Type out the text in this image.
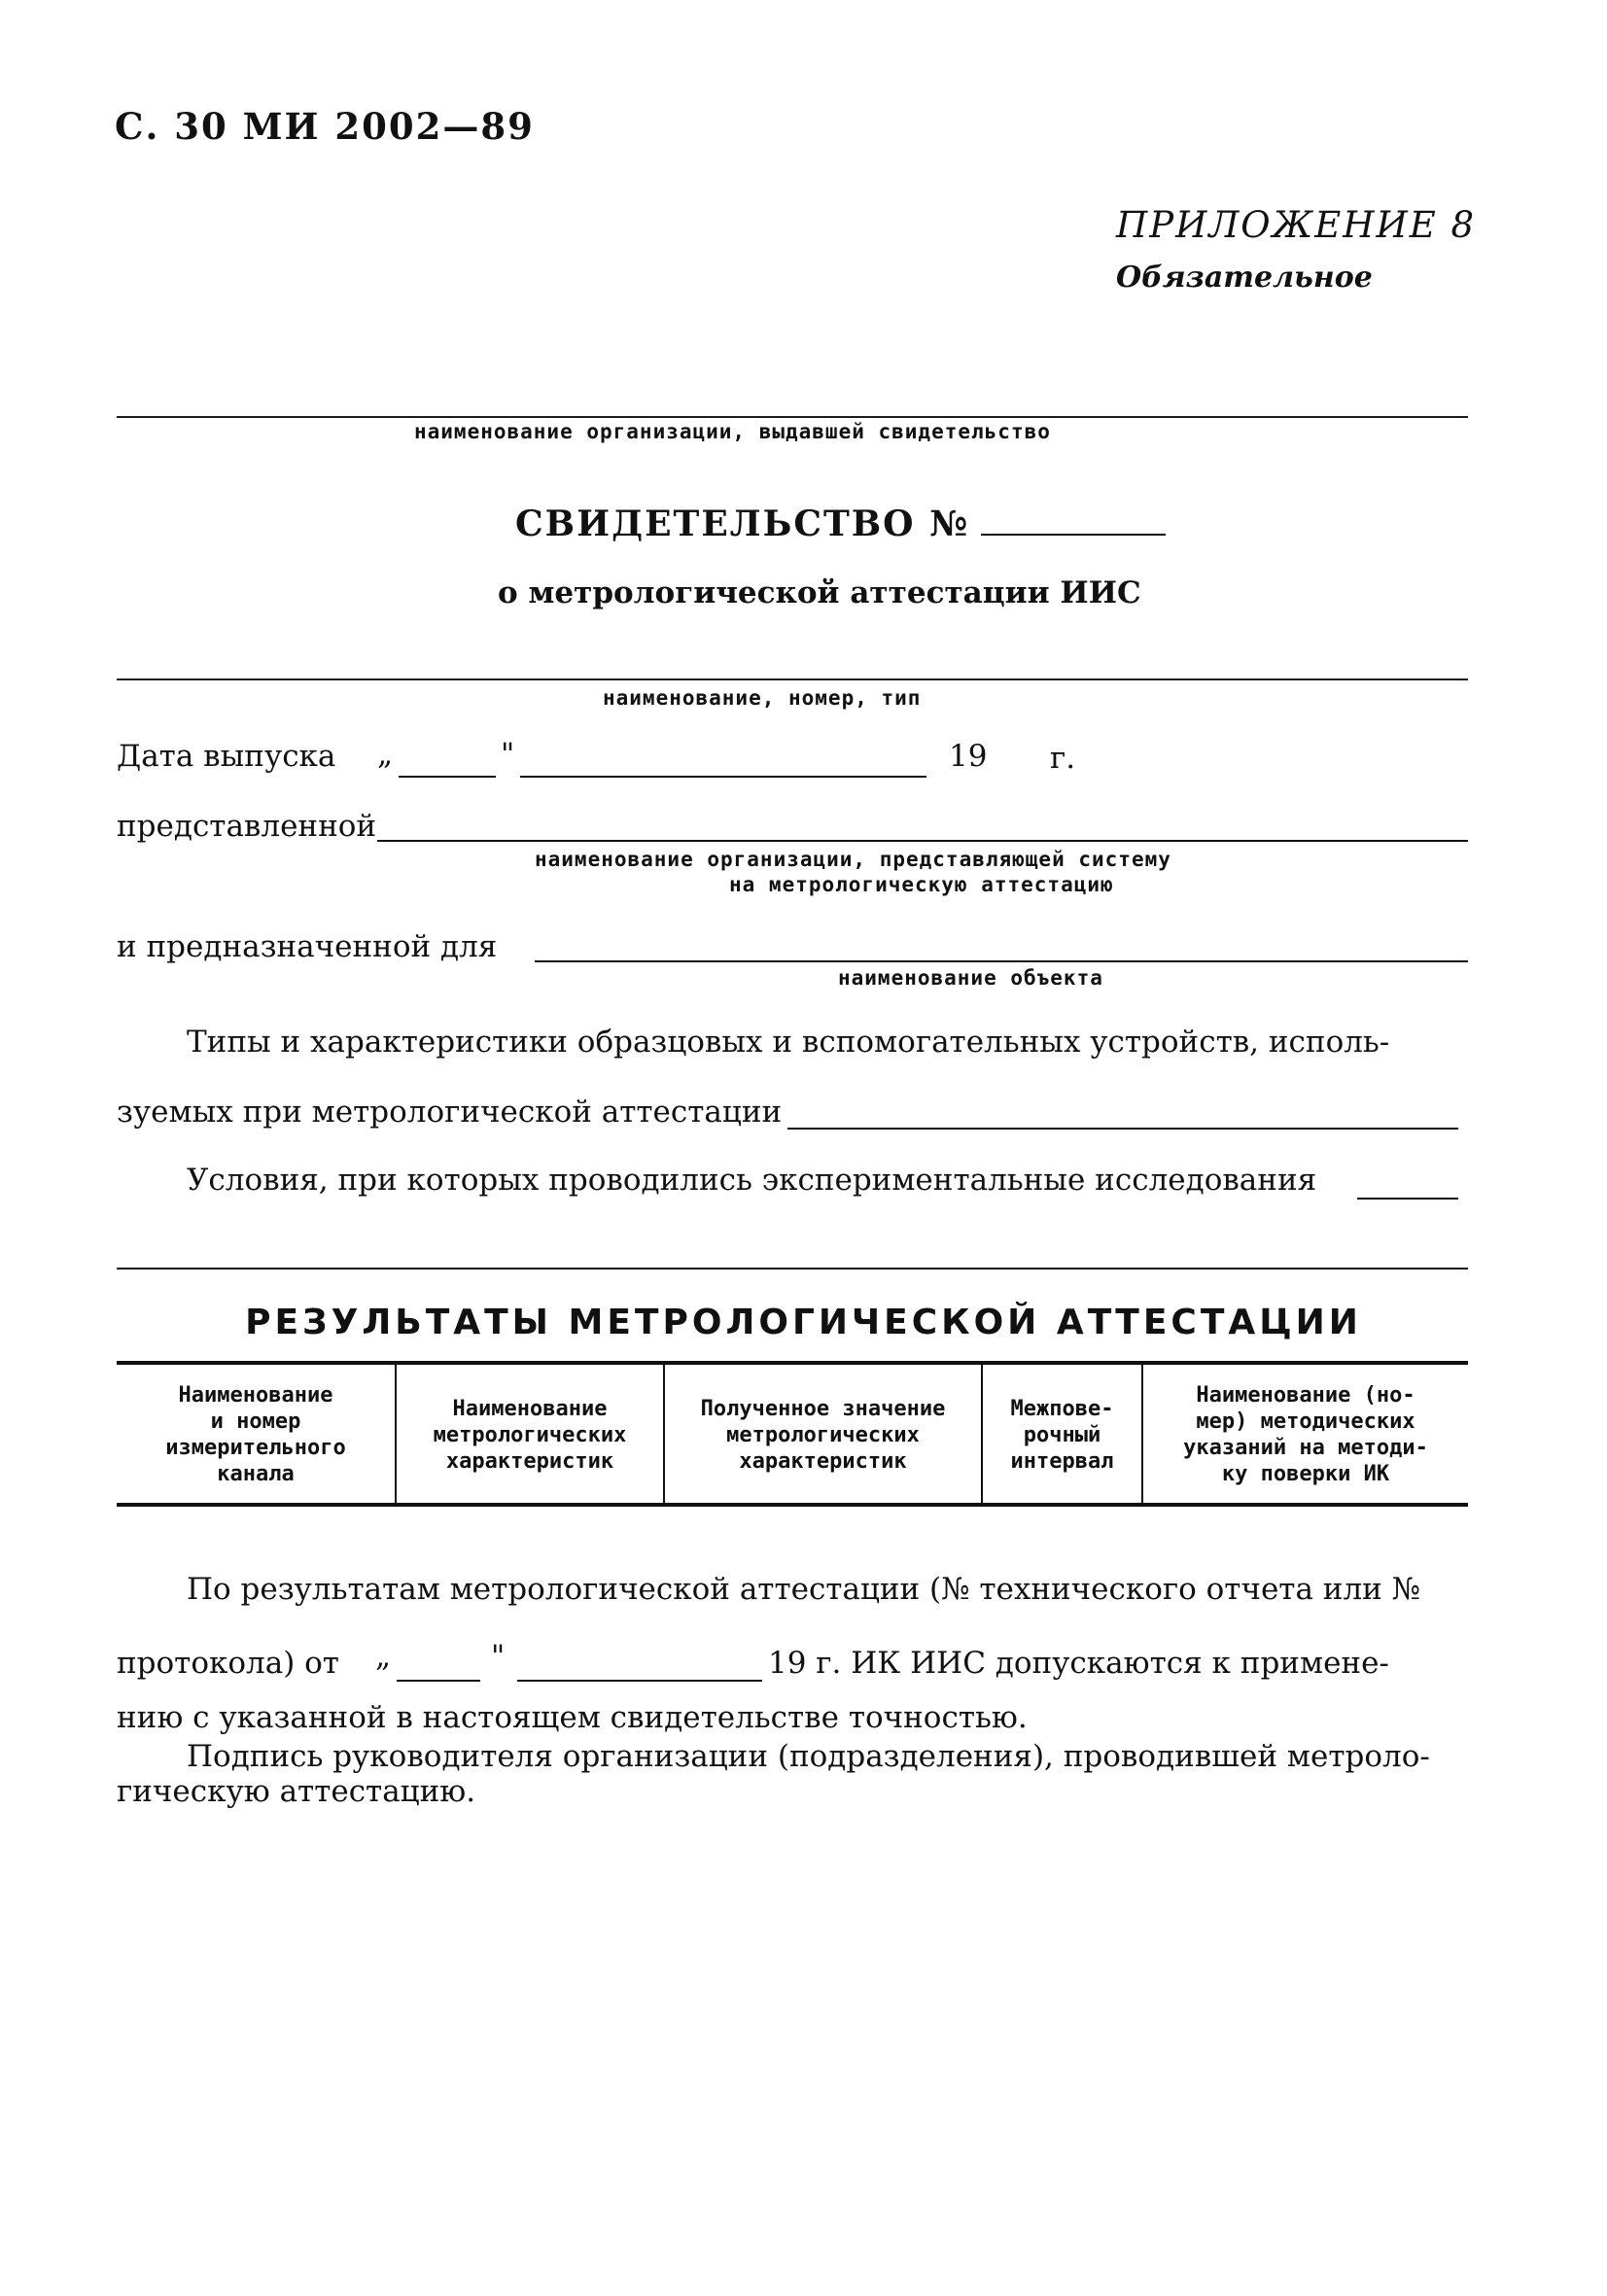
С. 30 МИ 2002—89
ПРИЛОЖЕНИЕ 8
Обязательное
наименование организации, выдавшей свидетельство
СВИДЕТЕЛЬСТВО №
о метрологической аттестации ИИС
наименование, номер, тип
Дата выпуска „	"	19 г.
представленной
наименование организации, представляющей систему
на метрологическую аттестацию
и предназначенной для
наименование объекта
Типы и характеристики образцовых и вспомогательных устройств, исполь-
зуемых при метрологической аттестации
Условия, при которых проводились экспериментальные исследования
РЕЗУЛЬТАТЫ МЕТРОЛОГИЧЕСКОЙ АТТЕСТАЦИИ
Наименование
и номер
измерительного
канала	Наименование
метрологических
характеристик	Полученное значение
метрологических
характеристик	Межпове-
рочный
интервал	Наименование (но-
мер) методических
указаний на методи-
ку поверки ИК
По результатам метрологической аттестации (№ технического отчета или №
протокола) от „	"	19 г. ИК ИИС допускаются к примене-
нию с указанной в настоящем свидетельстве точностью.
Подпись руководителя организации (подразделения), проводившей метроло-
гическую аттестацию.
